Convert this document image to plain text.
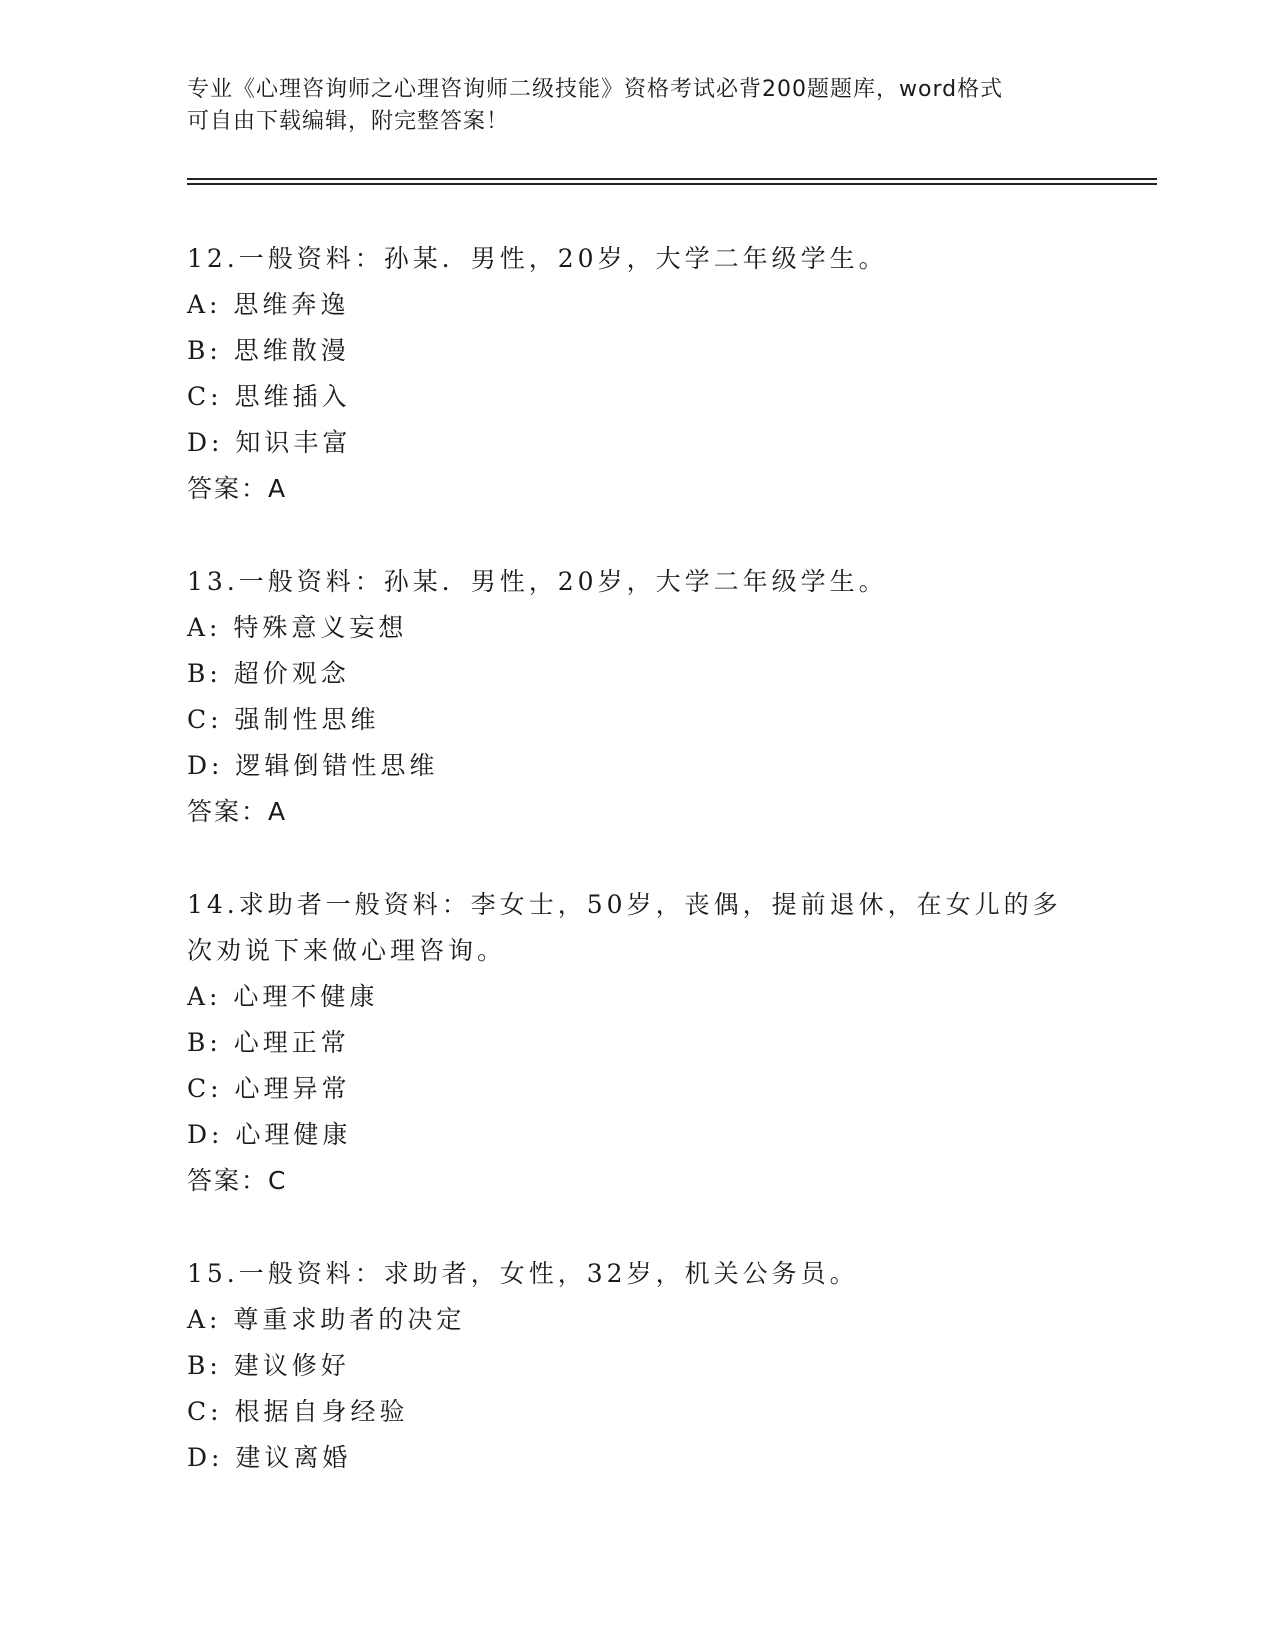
专业《心理咨询师之心理咨询师二级技能》资格考试必背200题题库，word格式
可自由下载编辑，附完整答案！
12.一般资料：孙某．男性，20岁，大学二年级学生。
A: 思维奔逸
B: 思维散漫
C: 思维插入
D: 知识丰富
答案：A
13.一般资料：孙某．男性，20岁，大学二年级学生。
A: 特殊意义妄想
B: 超价观念
C: 强制性思维
D: 逻辑倒错性思维
答案：A
14.求助者一般资料：李女士，50岁，丧偶，提前退休，在女儿的多次劝说下来做心理咨询。
A: 心理不健康
B: 心理正常
C: 心理异常
D: 心理健康
答案：C
15.一般资料：求助者，女性，32岁，机关公务员。
A: 尊重求助者的决定
B: 建议修好
C: 根据自身经验
D: 建议离婚
